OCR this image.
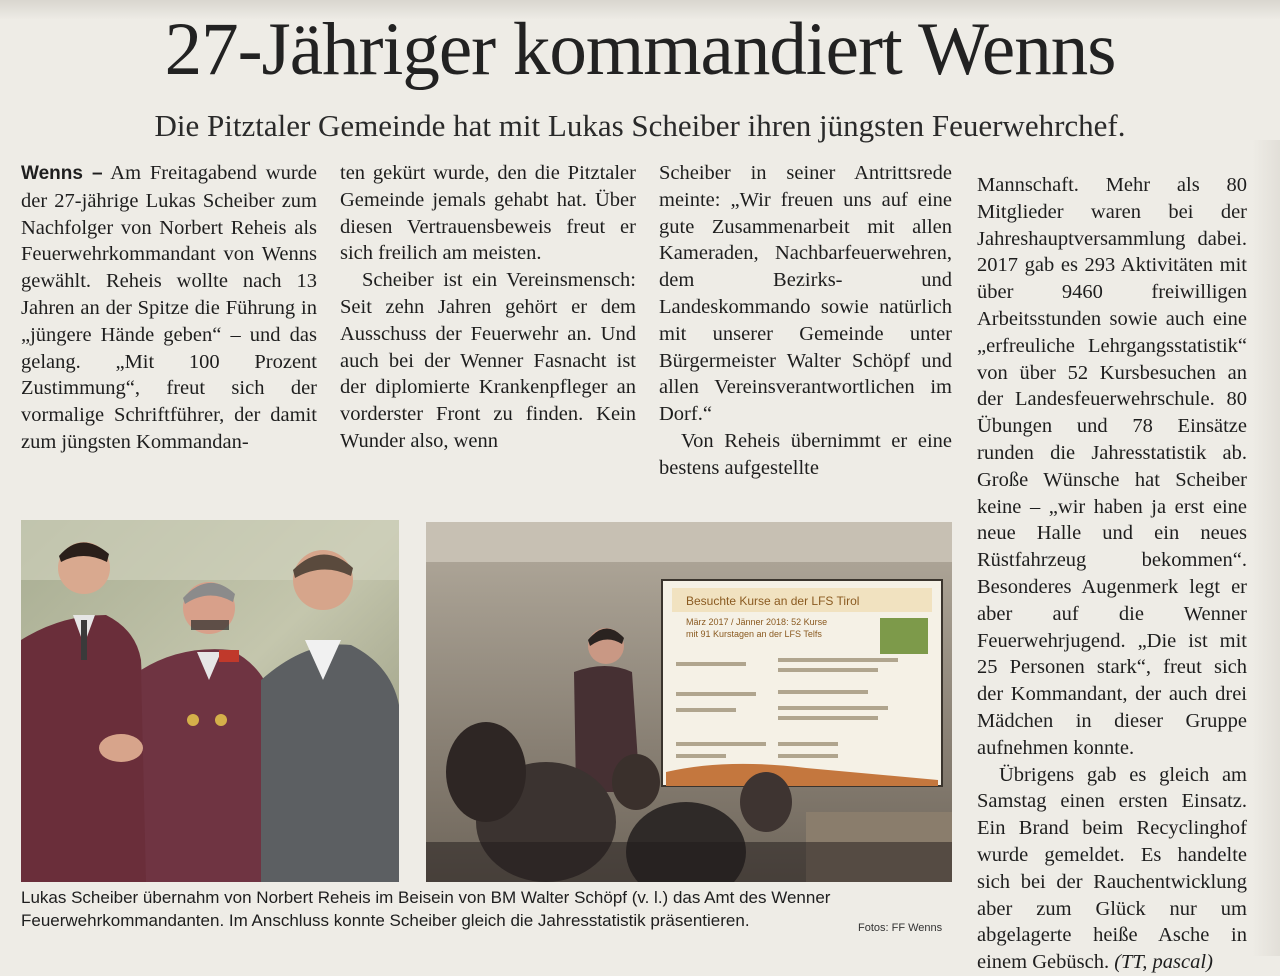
27-Jähriger kommandiert Wenns
Die Pitztaler Gemeinde hat mit Lukas Scheiber ihren jüngsten Feuerwehrchef.

Wenns – Am Freitagabend wurde der 27-jährige Lukas Scheiber zum Nachfolger von Norbert Reheis als Feuerwehrkommandant von Wenns gewählt. Reheis wollte nach 13 Jahren an der Spitze die Führung in „jüngere Hände geben“ – und das gelang. „Mit 100 Prozent Zustimmung“, freut sich der vormalige Schriftführer, der damit zum jüngsten Kommandan-

ten gekürt wurde, den die Pitztaler Gemeinde jemals gehabt hat. Über diesen Vertrauensbeweis freut er sich freilich am meisten.

Scheiber ist ein Vereinsmensch: Seit zehn Jahren gehört er dem Ausschuss der Feuerwehr an. Und auch bei der Wenner Fasnacht ist der diplomierte Krankenpfleger an vorderster Front zu finden. Kein Wunder also, wenn

Scheiber in seiner Antrittsrede meinte: „Wir freuen uns auf eine gute Zusammenarbeit mit allen Kameraden, Nachbarfeuerwehren, dem Bezirks- und Landeskommando sowie natürlich mit unserer Gemeinde unter Bürgermeister Walter Schöpf und allen Vereinsverantwortlichen im Dorf.“

Von Reheis übernimmt er eine bestens aufgestellte

Mannschaft. Mehr als 80 Mitglieder waren bei der Jahreshauptversammlung dabei. 2017 gab es 293 Aktivitäten mit über 9460 freiwilligen Arbeitsstunden sowie auch eine „erfreuliche Lehrgangsstatistik“ von über 52 Kursbesuchen an der Landesfeuerwehrschule. 80 Übungen und 78 Einsätze runden die Jahresstatistik ab. Große Wünsche hat Scheiber keine – „wir haben ja erst eine neue Halle und ein neues Rüstfahrzeug bekommen“. Besonderes Augenmerk legt er aber auf die Wenner Feuerwehrjugend. „Die ist mit 25 Personen stark“, freut sich der Kommandant, der auch drei Mädchen in dieser Gruppe aufnehmen konnte.

Übrigens gab es gleich am Samstag einen ersten Einsatz. Ein Brand beim Recyclinghof wurde gemeldet. Es handelte sich bei der Rauchentwicklung aber zum Glück nur um abgelagerte heiße Asche in einem Gebüsch. (TT, pascal)

Besuchte Kurse an der LFS Tirol
März 2017 / Jänner 2018: 52 Kurse
mit 91 Kurstagen an der LFS Telfs

Lukas Scheiber übernahm von Norbert Reheis im Beisein von BM Walter Schöpf (v. l.) das Amt des Wenner Feuerwehrkommandanten. Im Anschluss konnte Scheiber gleich die Jahresstatistik präsentieren.	Fotos: FF Wenns
